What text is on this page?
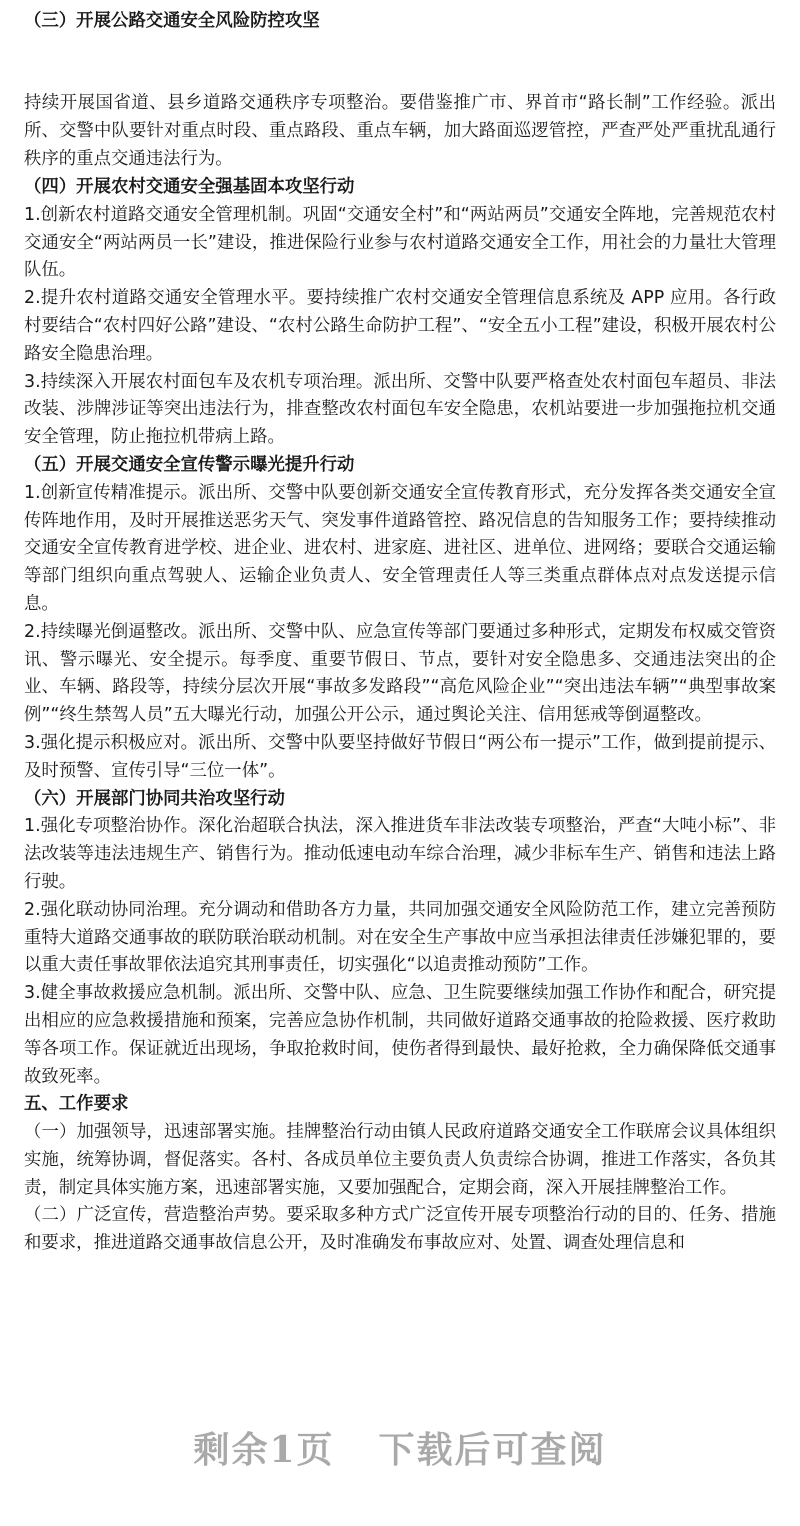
（三）开展公路交通安全风险防控攻坚

持续开展国省道、县乡道路交通秩序专项整治。要借鉴推广市、界首市“路长制”工作经验。派出所、交警中队要针对重点时段、重点路段、重点车辆，加大路面巡逻管控，严查严处严重扰乱通行秩序的重点交通违法行为。

（四）开展农村交通安全强基固本攻坚行动

1.创新农村道路交通安全管理机制。巩固“交通安全村”和“两站两员”交通安全阵地，完善规范农村交通安全“两站两员一长”建设，推进保险行业参与农村道路交通安全工作，用社会的力量壮大管理队伍。

2.提升农村道路交通安全管理水平。要持续推广农村交通安全管理信息系统及 APP 应用。各行政村要结合“农村四好公路”建设、“农村公路生命防护工程”、“安全五小工程”建设，积极开展农村公路安全隐患治理。

3.持续深入开展农村面包车及农机专项治理。派出所、交警中队要严格查处农村面包车超员、非法改装、涉牌涉证等突出违法行为，排查整改农村面包车安全隐患，农机站要进一步加强拖拉机交通安全管理，防止拖拉机带病上路。

（五）开展交通安全宣传警示曝光提升行动

1.创新宣传精准提示。派出所、交警中队要创新交通安全宣传教育形式，充分发挥各类交通安全宣传阵地作用，及时开展推送恶劣天气、突发事件道路管控、路况信息的告知服务工作；要持续推动交通安全宣传教育进学校、进企业、进农村、进家庭、进社区、进单位、进网络；要联合交通运输等部门组织向重点驾驶人、运输企业负责人、安全管理责任人等三类重点群体点对点发送提示信息。

2.持续曝光倒逼整改。派出所、交警中队、应急宣传等部门要通过多种形式，定期发布权威交管资讯、警示曝光、安全提示。每季度、重要节假日、节点，要针对安全隐患多、交通违法突出的企业、车辆、路段等，持续分层次开展“事故多发路段”“高危风险企业”“突出违法车辆”“典型事故案例”“终生禁驾人员”五大曝光行动，加强公开公示，通过舆论关注、信用惩戒等倒逼整改。

3.强化提示积极应对。派出所、交警中队要坚持做好节假日“两公布一提示”工作，做到提前提示、及时预警、宣传引导“三位一体”。

（六）开展部门协同共治攻坚行动

1.强化专项整治协作。深化治超联合执法，深入推进货车非法改装专项整治，严查“大吨小标”、非法改装等违法违规生产、销售行为。推动低速电动车综合治理，减少非标车生产、销售和违法上路行驶。

2.强化联动协同治理。充分调动和借助各方力量，共同加强交通安全风险防范工作，建立完善预防重特大道路交通事故的联防联治联动机制。对在安全生产事故中应当承担法律责任涉嫌犯罪的，要以重大责任事故罪依法追究其刑事责任，切实强化“以追责推动预防”工作。

3.健全事故救援应急机制。派出所、交警中队、应急、卫生院要继续加强工作协作和配合，研究提出相应的应急救援措施和预案，完善应急协作机制，共同做好道路交通事故的抢险救援、医疗救助等各项工作。保证就近出现场，争取抢救时间，使伤者得到最快、最好抢救，全力确保降低交通事故致死率。

五、工作要求

（一）加强领导，迅速部署实施。挂牌整治行动由镇人民政府道路交通安全工作联席会议具体组织实施，统筹协调，督促落实。各村、各成员单位主要负责人负责综合协调，推进工作落实，各负其责，制定具体实施方案，迅速部署实施，又要加强配合，定期会商，深入开展挂牌整治工作。

（二）广泛宣传，营造整治声势。要采取多种方式广泛宣传开展专项整治行动的目的、任务、措施和要求，推进道路交通事故信息公开，及时准确发布事故应对、处置、调查处理信息和

剩余1页 下载后可查阅
